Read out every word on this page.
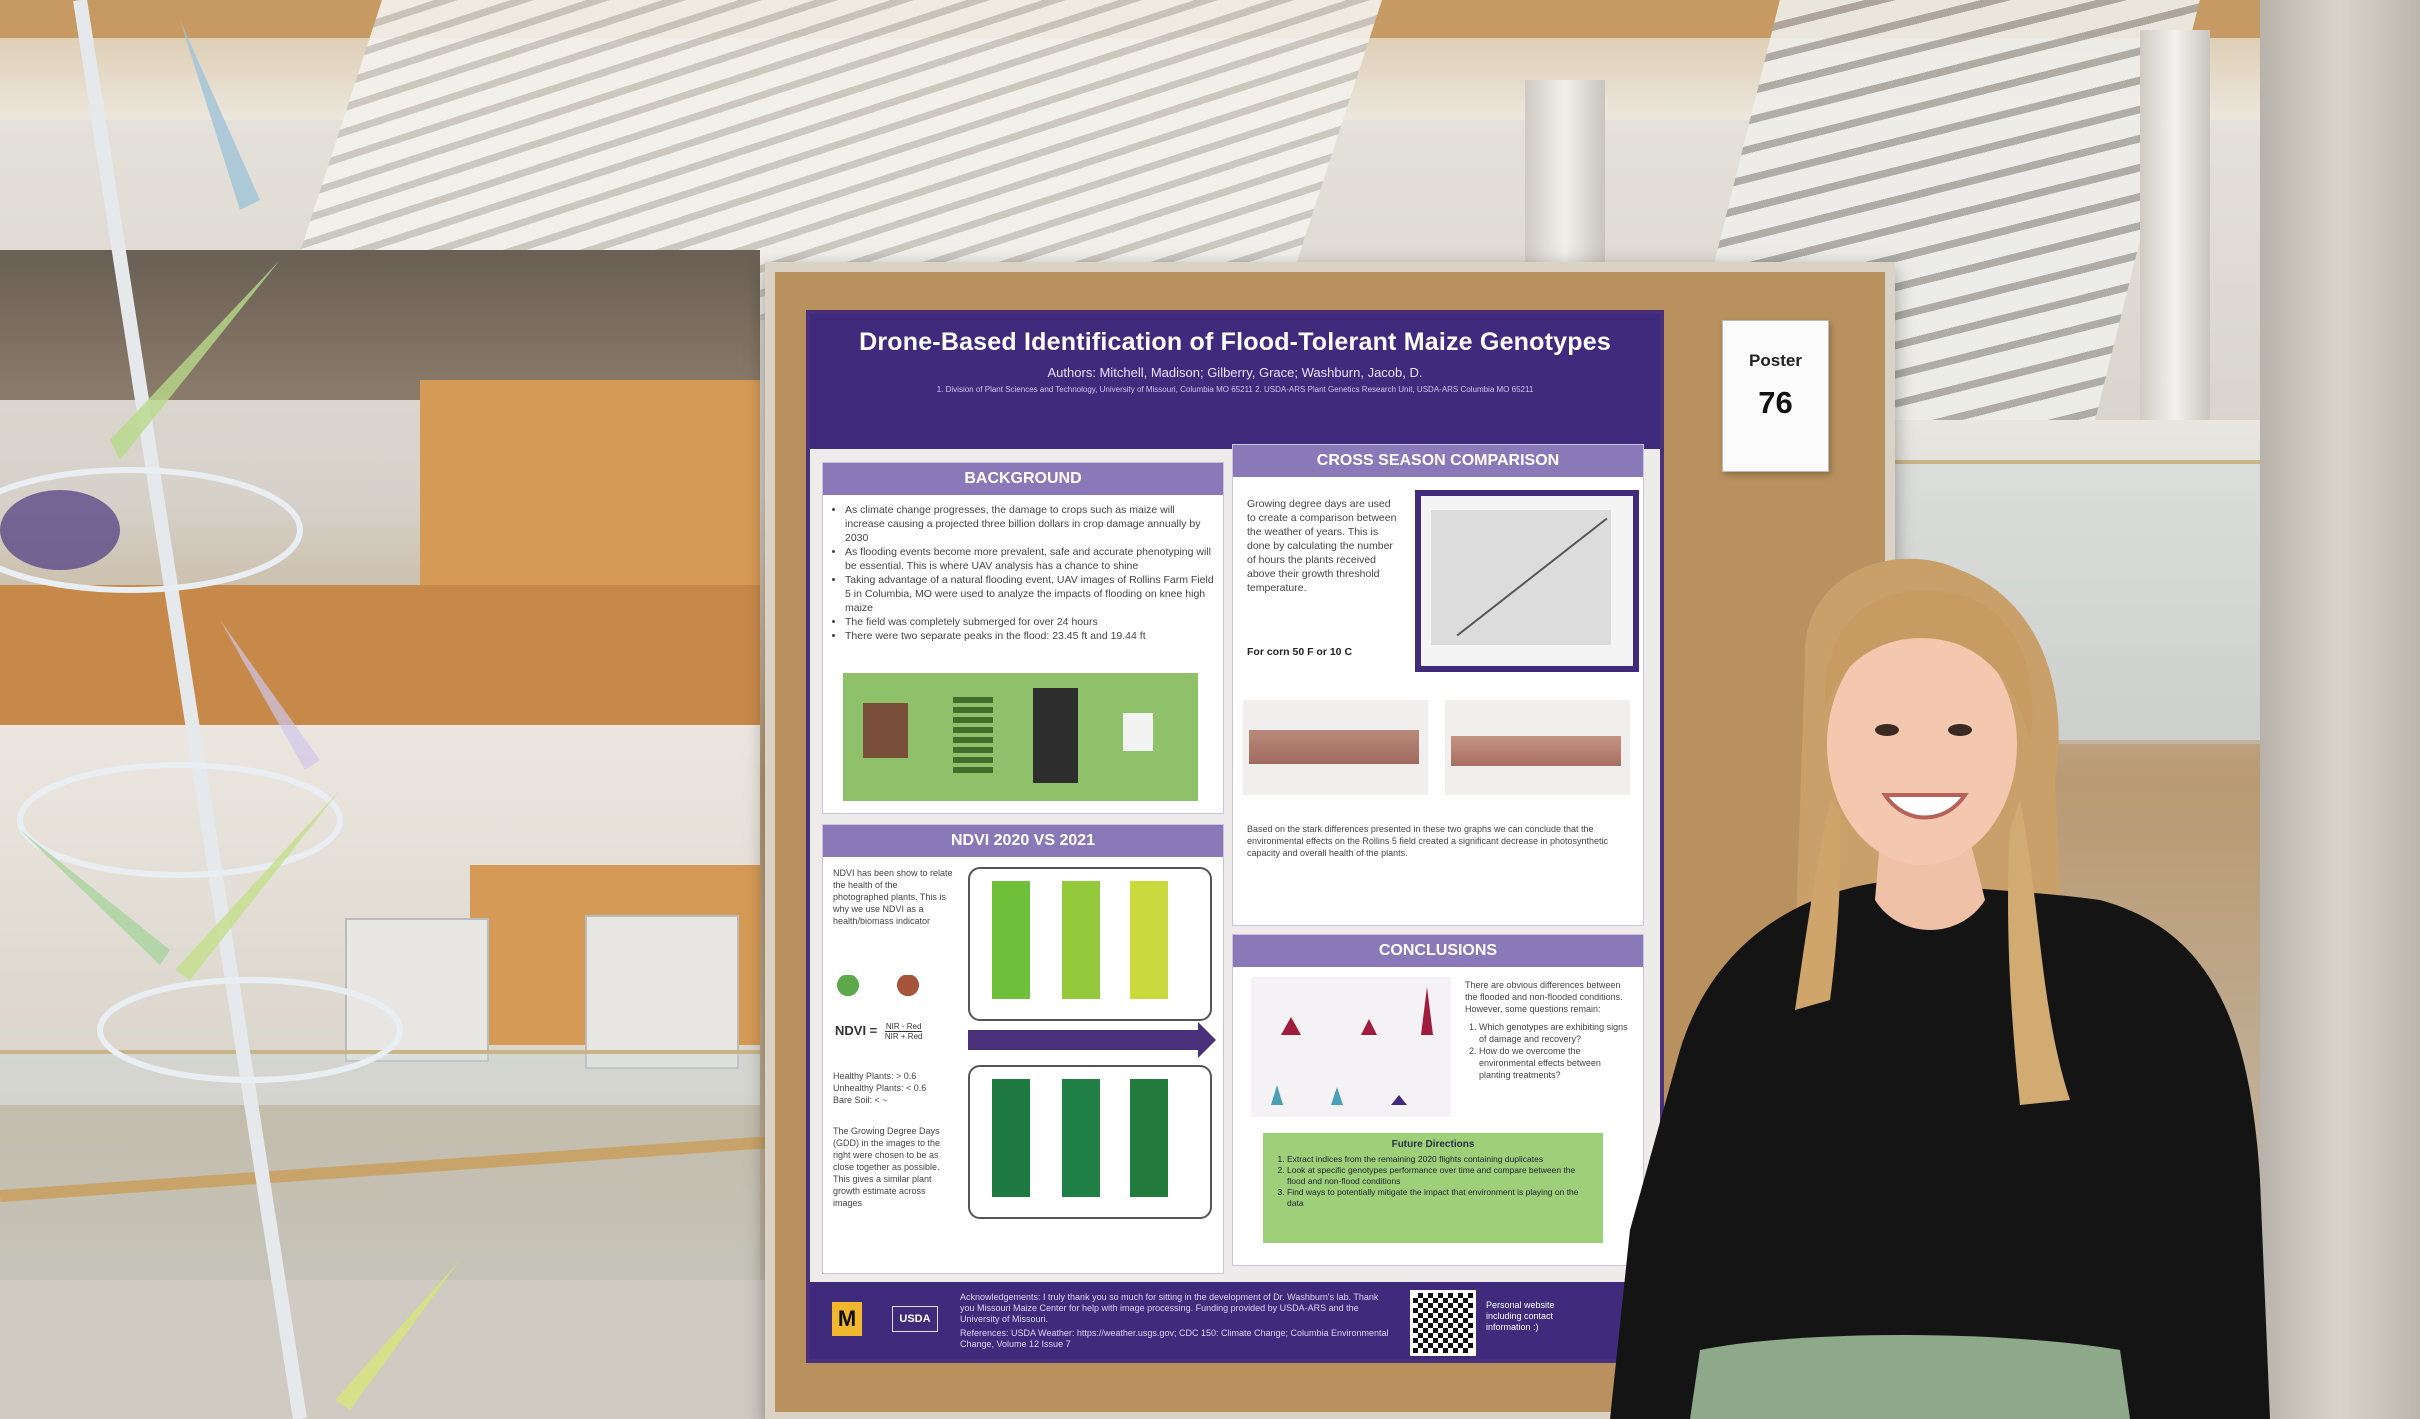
Drone-Based Identification of Flood-Tolerant Maize Genotypes
Authors: Mitchell, Madison; Gilberry, Grace; Washburn, Jacob, D.
1. Division of Plant Sciences and Technology, University of Missouri, Columbia MO 65211 2. USDA-ARS Plant Genetics Research Unit, USDA-ARS Columbia MO 65211
BACKGROUND
• As climate change progresses, the damage to crops such as maize will increase causing a projected three billion dollars in crop damage annually by 2030
• As flooding events become more prevalent, safe and accurate phenotyping will be essential. This is where UAV analysis has a chance to shine
• Taking advantage of a natural flooding event, UAV images of Rollins Farm Field 5 in Columbia, MO were used to analyze the impacts of flooding on knee high maize
• The field was completely submerged for over 24 hours
• There were two separate peaks in the flood: 23.45 ft and 19.44 ft
NDVI 2020 VS 2021
NDVI has been show to relate the health of the photographed plants. This is why we use NDVI as a health/biomass indicator

NDVI = NIR - Red
NIR + Red
Healthy Plants: > 0.6
Unhealthy Plants: < 0.6
Bare Soil: < ~
The Growing Degree Days (GDD) in the images to the right were chosen to be as close together as possible. This gives a similar plant growth estimate across images
CROSS SEASON COMPARISON
Growing degree days are used to create a comparison between the weather of years. This is done by calculating the number of hours the plants received above their growth threshold temperature.
For corn 50 F or 10 C
Based on the stark differences presented in these two graphs we can conclude that the environmental effects on the Rollins 5 field created a significant decrease in photosynthetic capacity and overall health of the plants.
CONCLUSIONS
There are obvious differences between the flooded and non-flooded conditions. However, some questions remain:
1. Which genotypes are exhibiting signs of damage and recovery?
2. How do we overcome the environmental effects between planting treatments?
Future Directions
1. Extract indices from the remaining 2020 flights containing duplicates
2. Look at specific genotypes performance over time and compare between the flood and non-flood conditions
3. Find ways to potentially mitigate the impact that environment is playing on the data
M	USDA
Acknowledgements: I truly thank you so much for sitting in the development of Dr. Washburn's lab. Thank you Missouri Maize Center for help with image processing. Funding provided by USDA-ARS and the University of Missouri.
References: USDA Weather: https://weather.usgs.gov; CDC 150: Climate Change; Columbia Environmental Change, Volume 12 Issue 7
Personal website including contact information :)
Poster
76
